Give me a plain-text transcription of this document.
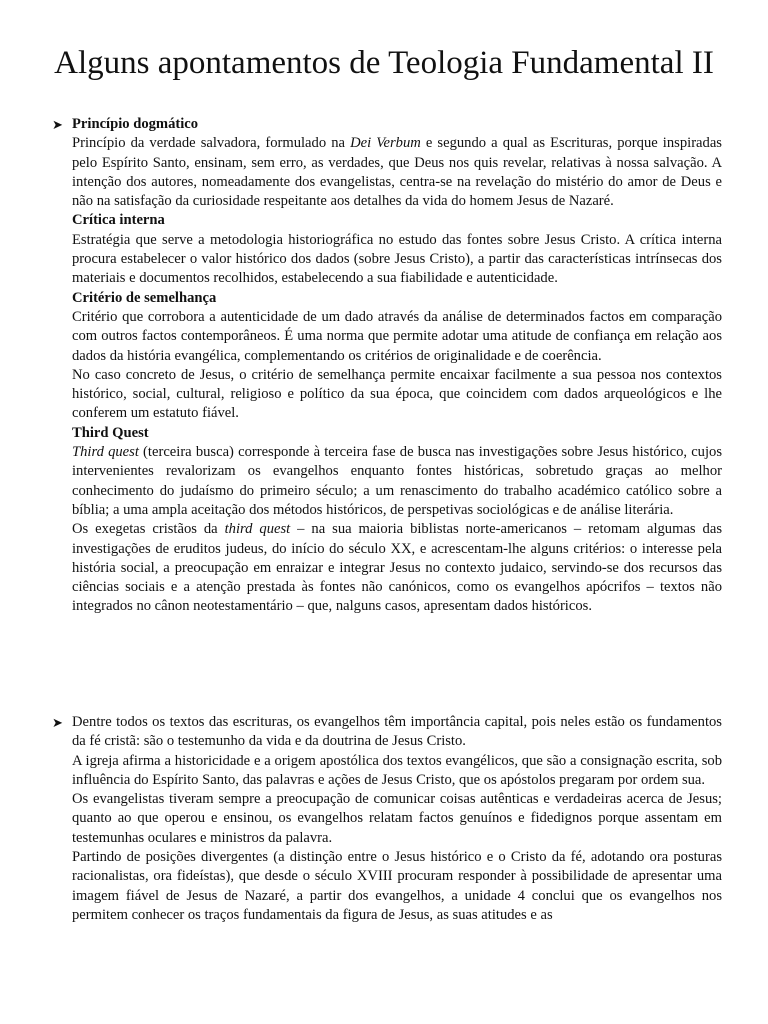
Alguns apontamentos de Teologia Fundamental II
➤ Princípio dogmático

Princípio da verdade salvadora, formulado na Dei Verbum e segundo a qual as Escrituras, porque inspiradas pelo Espírito Santo, ensinam, sem erro, as verdades, que Deus nos quis revelar, relativas à nossa salvação. A intenção dos autores, nomeadamente dos evangelistas, centra-se na revelação do mistério do amor de Deus e não na satisfação da curiosidade respeitante aos detalhes da vida do homem Jesus de Nazaré.

Crítica interna

Estratégia que serve a metodologia historiográfica no estudo das fontes sobre Jesus Cristo. A crítica interna procura estabelecer o valor histórico dos dados (sobre Jesus Cristo), a partir das características intrínsecas dos materiais e documentos recolhidos, estabelecendo a sua fiabilidade e autenticidade.

Critério de semelhança

Critério que corrobora a autenticidade de um dado através da análise de determinados factos em comparação com outros factos contemporâneos. É uma norma que permite adotar uma atitude de confiança em relação aos dados da história evangélica, complementando os critérios de originalidade e de coerência.

No caso concreto de Jesus, o critério de semelhança permite encaixar facilmente a sua pessoa nos contextos histórico, social, cultural, religioso e político da sua época, que coincidem com dados arqueológicos e lhe conferem um estatuto fiável.

Third Quest

Third quest (terceira busca) corresponde à terceira fase de busca nas investigações sobre Jesus histórico, cujos intervenientes revalorizam os evangelhos enquanto fontes históricas, sobretudo graças ao melhor conhecimento do judaísmo do primeiro século; a um renascimento do trabalho académico católico sobre a bíblia; a uma ampla aceitação dos métodos históricos, de perspetivas sociológicas e de análise literária.

Os exegetas cristãos da third quest – na sua maioria biblistas norte-americanos – retomam algumas das investigações de eruditos judeus, do início do século XX, e acrescentam-lhe alguns critérios: o interesse pela história social, a preocupação em enraizar e integrar Jesus no contexto judaico, servindo-se dos recursos das ciências sociais e a atenção prestada às fontes não canónicos, como os evangelhos apócrifos – textos não integrados no cânon neotestamentário – que, nalguns casos, apresentam dados históricos.

➤ Dentre todos os textos das escrituras, os evangelhos têm importância capital, pois neles estão os fundamentos da fé cristã: são o testemunho da vida e da doutrina de Jesus Cristo.

A igreja afirma a historicidade e a origem apostólica dos textos evangélicos, que são a consignação escrita, sob influência do Espírito Santo, das palavras e ações de Jesus Cristo, que os apóstolos pregaram por ordem sua.

Os evangelistas tiveram sempre a preocupação de comunicar coisas autênticas e verdadeiras acerca de Jesus; quanto ao que operou e ensinou, os evangelhos relatam factos genuínos e fidedignos porque assentam em testemunhas oculares e ministros da palavra.

Partindo de posições divergentes (a distinção entre o Jesus histórico e o Cristo da fé, adotando ora posturas racionalistas, ora fideístas), que desde o século XVIII procuram responder à possibilidade de apresentar uma imagem fiável de Jesus de Nazaré, a partir dos evangelhos, a unidade 4 conclui que os evangelhos nos permitem conhecer os traços fundamentais da figura de Jesus, as suas atitudes e as
